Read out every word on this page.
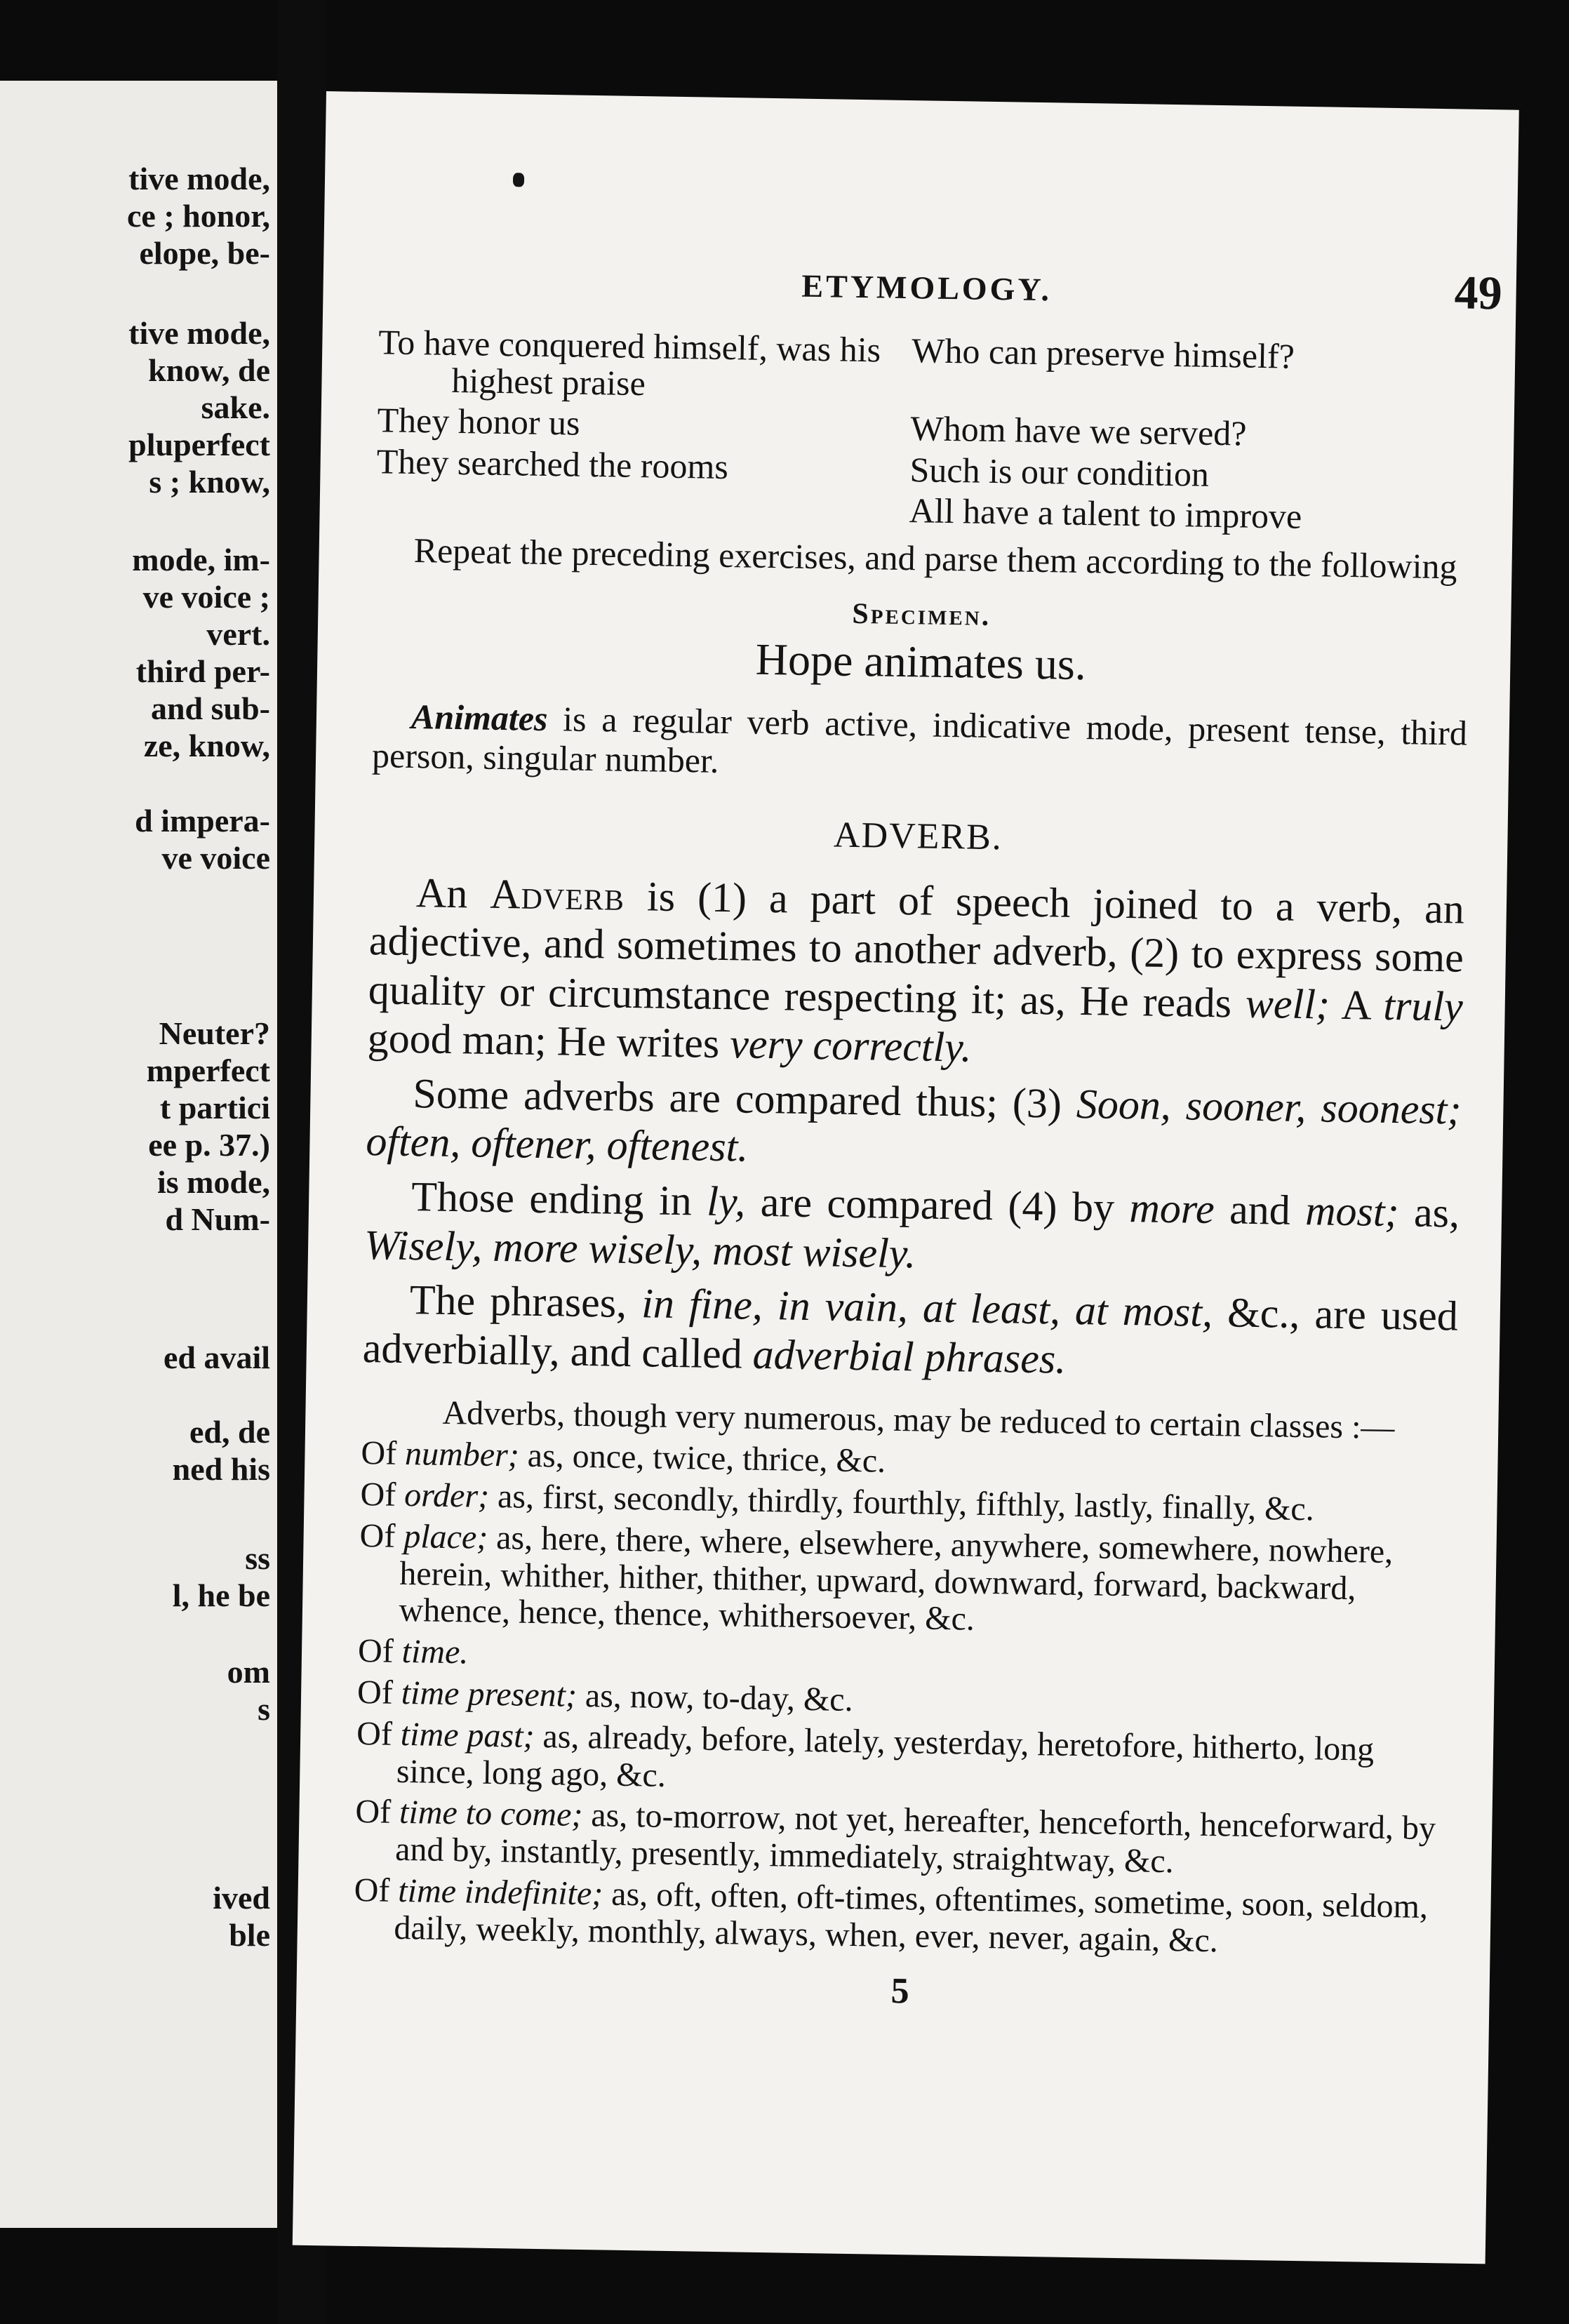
tive mode,
ce ; honor,
elope, be-
tive mode,
know, de
sake.
pluperfect
s ; know,
mode, im-
ve voice ;
vert.
third per-
and sub-
ze, know,
d impera-
ve voice
Neuter?
mperfect
t partici
ee p. 37.)
is mode,
d Num-
ed avail
ed, de
ned his
ss
l, he be
om
s
ived
ble
ETYMOLOGY.	49

To have conquered himself, was his highest praise

Who can preserve himself?

They honor us	Whom have we served?

They searched the rooms	Such is our condition

All have a talent to improve

Repeat the preceding exercises, and parse them according to the following

Specimen.
Hope animates us.

Animates is a regular verb active, indicative mode, present tense, third person, singular number.

ADVERB.

An Adverb is (1) a part of speech joined to a verb, an adjective, and sometimes to another adverb, (2) to express some quality or circumstance respecting it; as, He reads well; A truly good man; He writes very correctly.

Some adverbs are compared thus; (3) Soon, sooner, soonest; often, oftener, oftenest.

Those ending in ly, are compared (4) by more and most; as, Wisely, more wisely, most wisely.

The phrases, in fine, in vain, at least, at most, &c., are used adverbially, and called adverbial phrases.

Adverbs, though very numerous, may be reduced to certain classes :—

Of number; as, once, twice, thrice, &c.

Of order; as, first, secondly, thirdly, fourthly, fifthly, lastly, finally, &c.

Of place; as, here, there, where, elsewhere, anywhere, somewhere, nowhere, herein, whither, hither, thither, upward, downward, forward, backward, whence, hence, thence, whithersoever, &c.

Of time.

Of time present; as, now, to-day, &c.

Of time past; as, already, before, lately, yesterday, heretofore, hitherto, long since, long ago, &c.

Of time to come; as, to-morrow, not yet, hereafter, henceforth, henceforward, by and by, instantly, presently, immediately, straightway, &c.

Of time indefinite; as, oft, often, oft-times, oftentimes, sometime, soon, seldom, daily, weekly, monthly, always, when, ever, never, again, &c.

5
